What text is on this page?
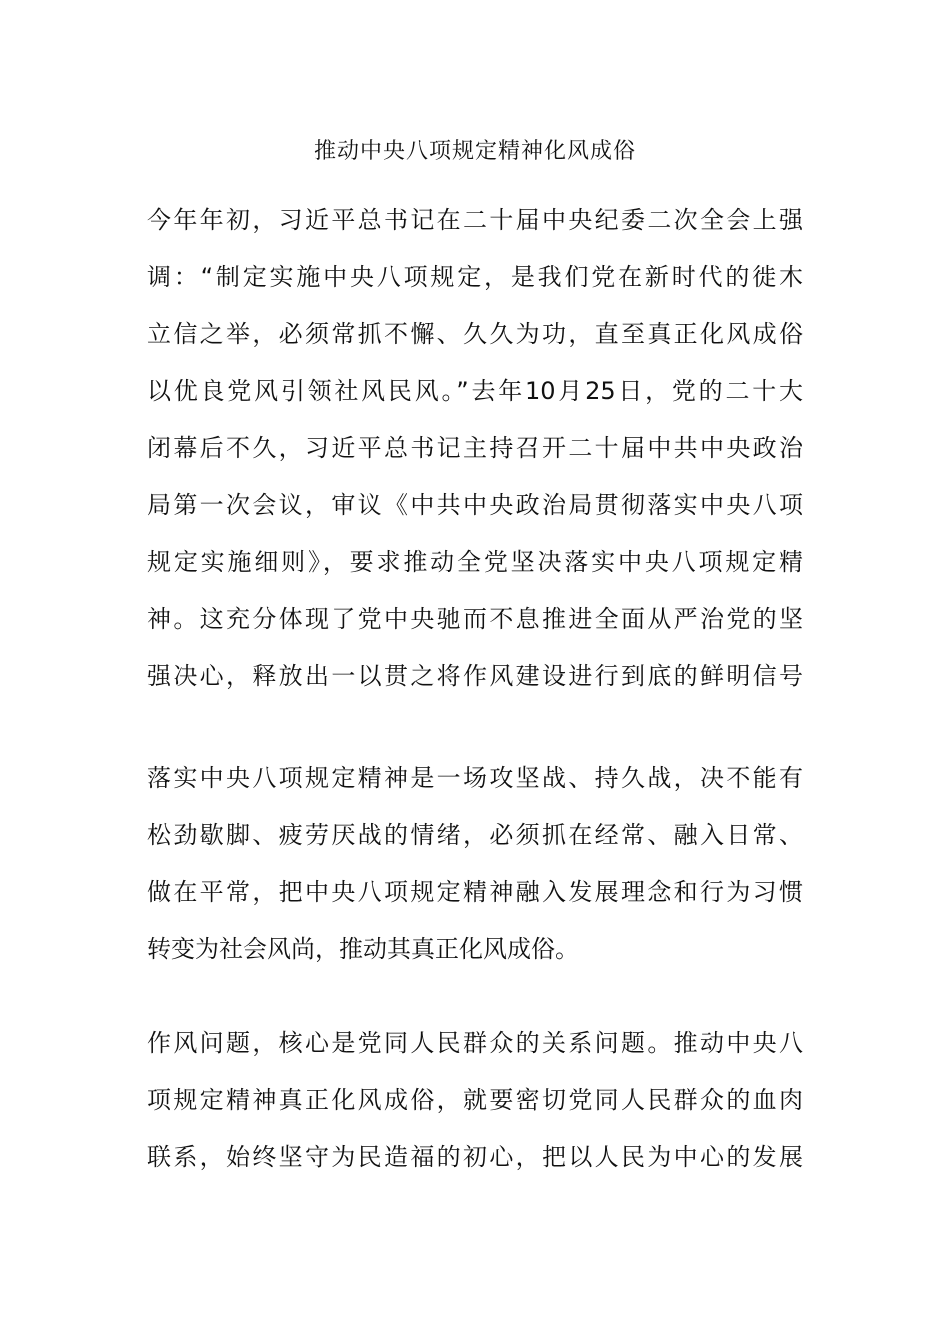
推动中央八项规定精神化风成俗
今年年初，习近平总书记在二十届中央纪委二次全会上强
调：“制定实施中央八项规定，是我们党在新时代的徙木
立信之举，必须常抓不懈、久久为功，直至真正化风成俗
以优良党风引领社风民风。”去年10月25日，党的二十大
闭幕后不久，习近平总书记主持召开二十届中共中央政治
局第一次会议，审议《中共中央政治局贯彻落实中央八项
规定实施细则》，要求推动全党坚决落实中央八项规定精
神。这充分体现了党中央驰而不息推进全面从严治党的坚
强决心，释放出一以贯之将作风建设进行到底的鲜明信号
落实中央八项规定精神是一场攻坚战、持久战，决不能有
松劲歇脚、疲劳厌战的情绪，必须抓在经常、融入日常、
做在平常，把中央八项规定精神融入发展理念和行为习惯
转变为社会风尚，推动其真正化风成俗。
作风问题，核心是党同人民群众的关系问题。推动中央八
项规定精神真正化风成俗，就要密切党同人民群众的血肉
联系，始终坚守为民造福的初心，把以人民为中心的发展
